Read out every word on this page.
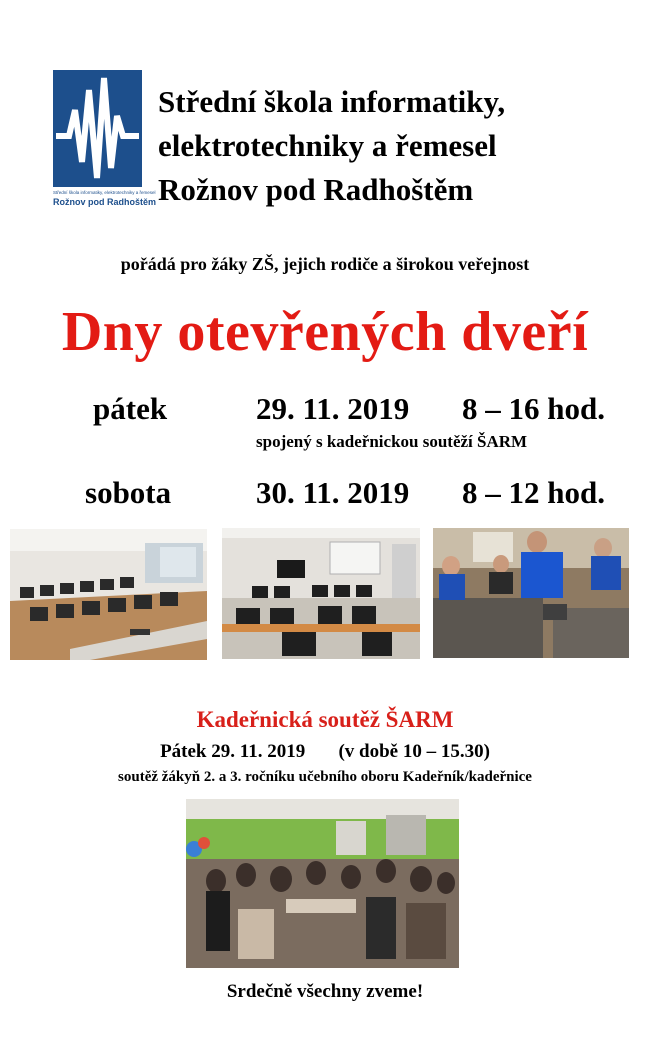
Střední škola informatiky, elektrotechniky a řemesel
Rožnov pod Radhoštěm
Střední škola informatiky,
elektrotechniky a řemesel
Rožnov pod Radhoštěm
pořádá pro žáky ZŠ, jejich rodiče a širokou veřejnost
Dny otevřených dveří
pátek	29. 11. 2019 8 – 16 hod.
spojený s kadeřnickou soutěží ŠARM
sobota	30. 11. 2019 8 – 12 hod.
Kadeřnická soutěž ŠARM
Pátek 29. 11. 2019       (v době 10 – 15.30)
soutěž žákyň 2. a 3. ročníku učebního oboru Kadeřník/kadeřnice
Srdečně všechny zveme!
